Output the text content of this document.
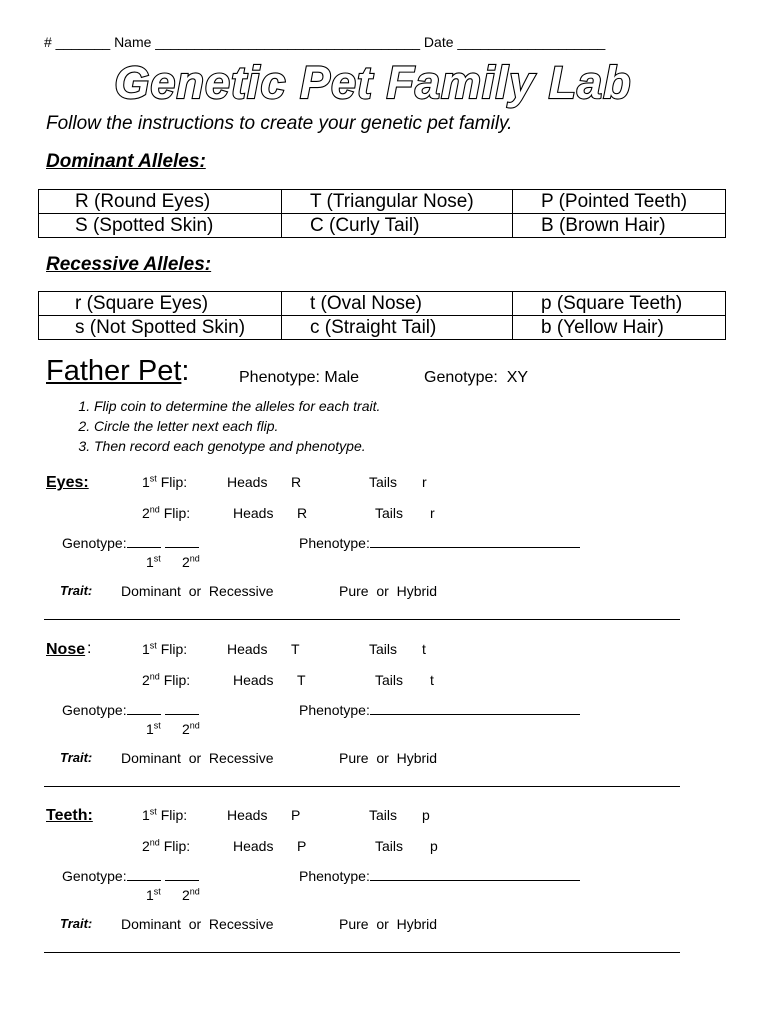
# _______ Name __________________________________ Date ___________________
Genetic Pet Family Lab
Follow the instructions to create your genetic pet family.
Dominant Alleles:
R (Round Eyes)	T (Triangular Nose)	P (Pointed Teeth)
S (Spotted Skin)	C (Curly Tail)	B (Brown Hair)
Recessive Alleles:
r (Square Eyes)	t (Oval Nose)	p (Square Teeth)
s (Not Spotted Skin)	c (Straight Tail)	b (Yellow Hair)
Father Pet:	Phenotype: Male	Genotype:  XY
1. Flip coin to determine the alleles for each trait.
2. Circle the letter next each flip.
3. Then record each genotype and phenotype.
Eyes:	1st Flip:	Heads R	Tails r
2nd Flip:	Heads R	Tails r
Genotype:
1st 2nd
Phenotype:
Trait: Dominant  or  Recessive	Pure  or  Hybrid
Nose :	1st Flip:	Heads T	Tails t
2nd Flip:	Heads T	Tails t
Genotype:
1st 2nd
Phenotype:
Trait: Dominant  or  Recessive	Pure  or  Hybrid
Teeth:	1st Flip:	Heads P	Tails p
2nd Flip:	Heads P	Tails p
Genotype:
1st 2nd
Phenotype:
Trait: Dominant  or  Recessive	Pure  or  Hybrid
